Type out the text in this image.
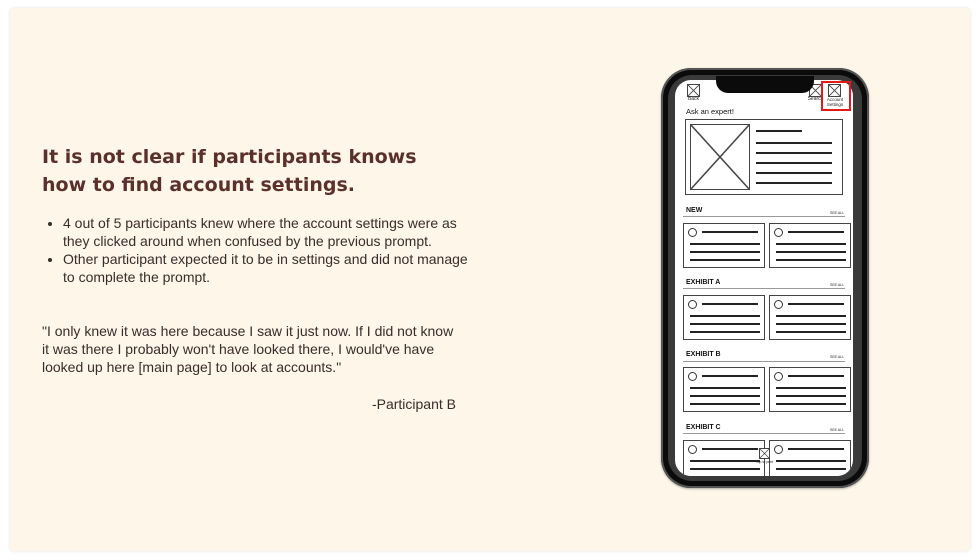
It is not clear if participants knows how to find account settings.
• 4 out of 5 participants knew where the account settings were as they clicked around when confused by the previous prompt.
• Other participant expected it to be in settings and did not manage to complete the prompt.

"I only knew it was here because I saw it just now. If I did not know it was there I probably won't have looked there, I would've have looked up here [main page] to look at accounts."

-Participant B
Back	Search Account Settings
Ask an expert!
NEW	SEE ALL
EXHIBIT A	SEE ALL
EXHIBIT B	SEE ALL
EXHIBIT C	SEE ALL
Tap to print
